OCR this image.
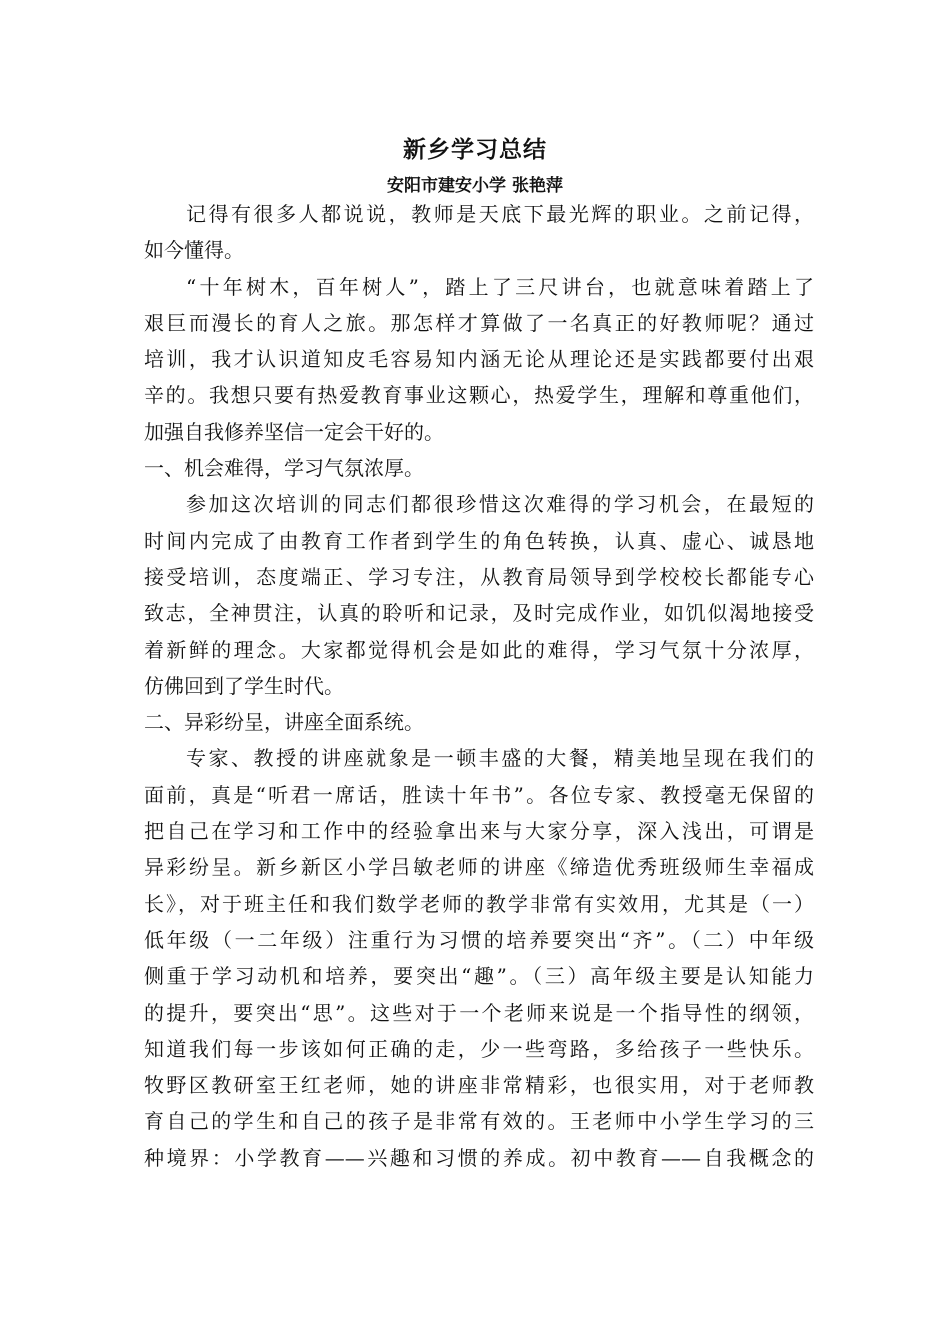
新乡学习总结
安阳市建安小学 张艳萍
记得有很多人都说说，教师是天底下最光辉的职业。之前记得，
如今懂得。
“十年树木，百年树人”，踏上了三尺讲台，也就意味着踏上了
艰巨而漫长的育人之旅。那怎样才算做了一名真正的好教师呢？通过
培训，我才认识道知皮毛容易知内涵无论从理论还是实践都要付出艰
辛的。我想只要有热爱教育事业这颗心，热爱学生，理解和尊重他们，
加强自我修养坚信一定会干好的。
一、机会难得，学习气氛浓厚。
参加这次培训的同志们都很珍惜这次难得的学习机会，在最短的
时间内完成了由教育工作者到学生的角色转换，认真、虚心、诚恳地
接受培训，态度端正、学习专注，从教育局领导到学校校长都能专心
致志，全神贯注，认真的聆听和记录，及时完成作业，如饥似渴地接受
着新鲜的理念。大家都觉得机会是如此的难得，学习气氛十分浓厚，
仿佛回到了学生时代。
二、异彩纷呈，讲座全面系统。
专家、教授的讲座就象是一顿丰盛的大餐，精美地呈现在我们的
面前，真是“听君一席话，胜读十年书”。各位专家、教授毫无保留的
把自己在学习和工作中的经验拿出来与大家分享，深入浅出，可谓是
异彩纷呈。新乡新区小学吕敏老师的讲座《缔造优秀班级师生幸福成
长》，对于班主任和我们数学老师的教学非常有实效用，尤其是（一）
低年级（一二年级）注重行为习惯的培养要突出“齐”。（二）中年级
侧重于学习动机和培养，要突出“趣”。（三）高年级主要是认知能力
的提升，要突出“思”。这些对于一个老师来说是一个指导性的纲领，
知道我们每一步该如何正确的走，少一些弯路，多给孩子一些快乐。
牧野区教研室王红老师，她的讲座非常精彩，也很实用，对于老师教
育自己的学生和自己的孩子是非常有效的。王老师中小学生学习的三
种境界：小学教育——兴趣和习惯的养成。初中教育——自我概念的
